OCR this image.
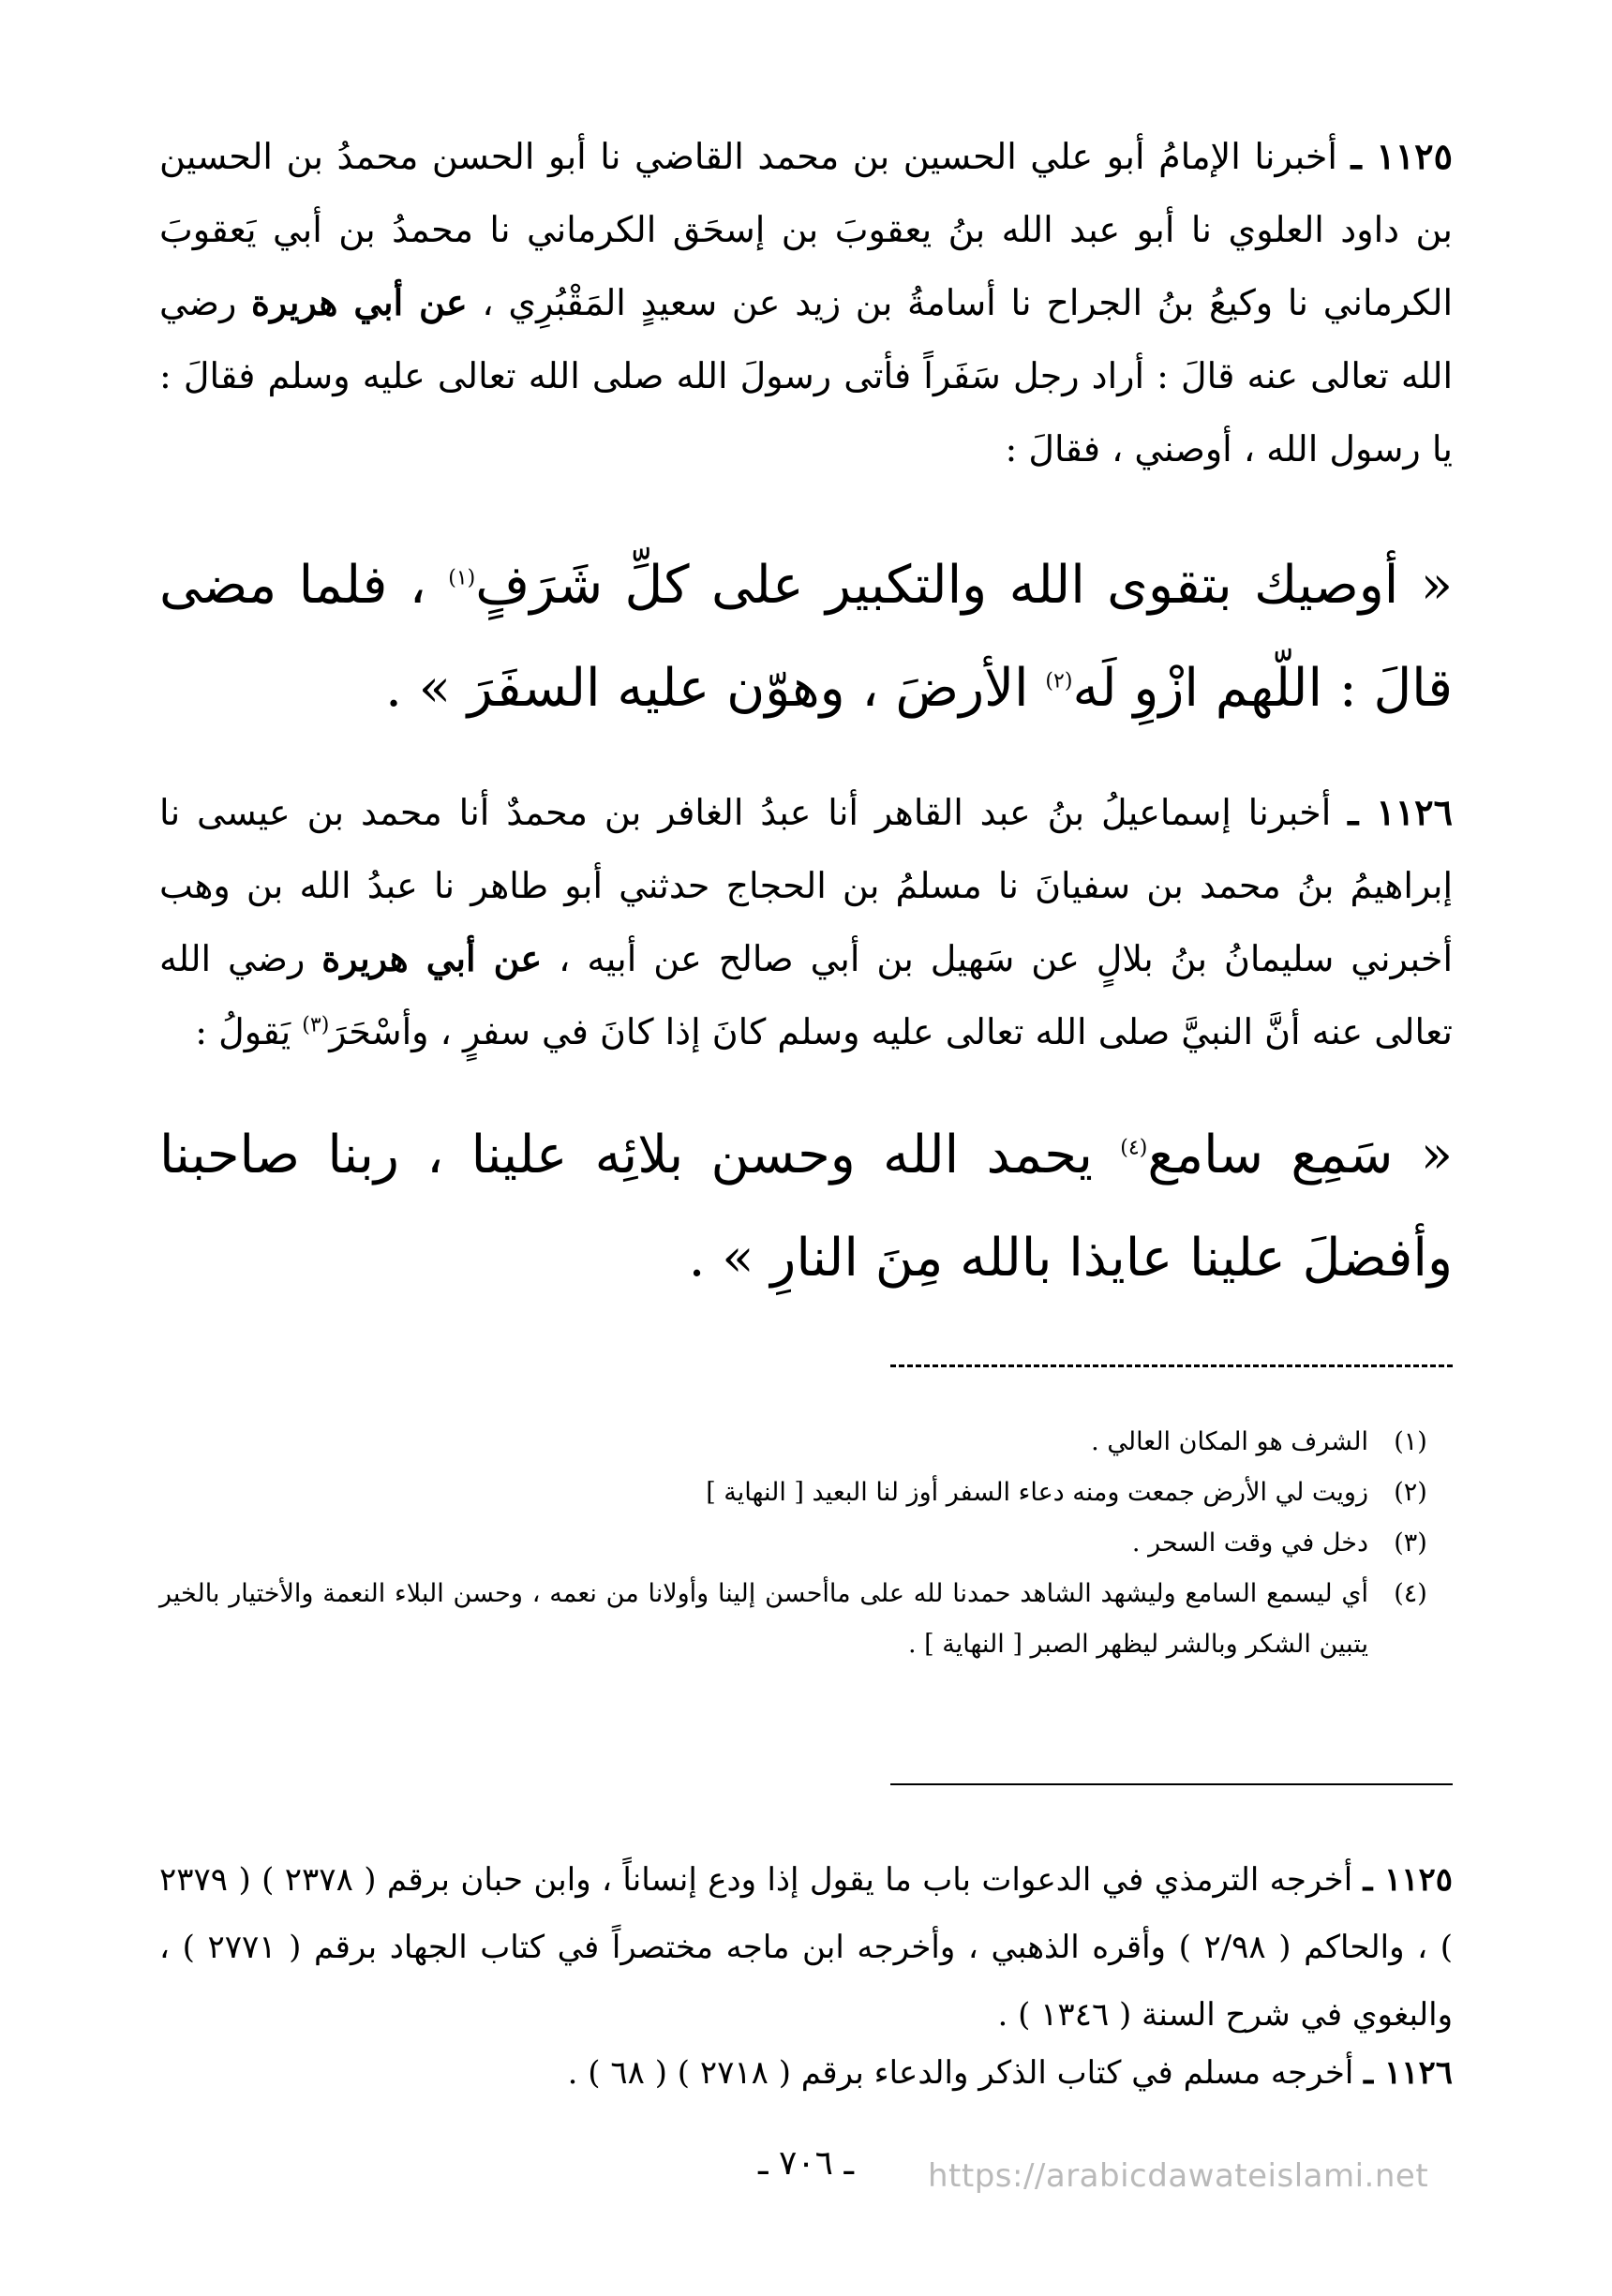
١١٢٥ ـ أخبرنا الإمامُ أبو علي الحسين بن محمد القاضي نا أبو الحسن محمدُ بن الحسين بن داود العلوي نا أبو عبد الله بنُ يعقوبَ بن إسحَق الكرماني نا محمدُ بن أبي يَعقوبَ الكرماني نا وكيعُ بنُ الجراح نا أسامةُ بن زيد عن سعيدٍ المَقْبُرِي ، عن أبي هريرة رضي الله تعالى عنه قالَ : أراد رجل سَفَراً فأتى رسولَ الله صلى الله تعالى عليه وسلم فقالَ : يا رسول الله ، أوصني ، فقالَ :
« أوصيك بتقوى الله والتكبير على كلِّ شَرَفٍ$^{(١)}$ ، فلما مضى قالَ : اللّهم ازْوِ لَه$^{(٢)}$ الأرضَ ، وهوّن عليه السفَرَ » .
١١٢٦ ـ أخبرنا إسماعيلُ بنُ عبد القاهر أنا عبدُ الغافر بن محمدٌ أنا محمد بن عيسى نا إبراهيمُ بنُ محمد بن سفيانَ نا مسلمُ بن الحجاج حدثني أبو طاهر نا عبدُ الله بن وهب أخبرني سليمانُ بنُ بلالٍ عن سَهيل بن أبي صالح عن أبيه ، عن أبي هريرة رضي الله تعالى عنه أنَّ النبيَّ صلى الله تعالى عليه وسلم كانَ إذا كانَ في سفرٍ ، وأسْحَرَ$^{(٣)}$ يَقولُ :
« سَمِع سامع$^{(٤)}$ يحمد الله وحسن بلائِه علينا ، ربنا صاحبنا وأفضلَ علينا عايذا بالله مِنَ النارِ » .
(١)
الشرف هو المكان العالي .
(٢)
زويت لي الأرض جمعت ومنه دعاء السفر أوز لنا البعيد [ النهاية ]
(٣)
دخل في وقت السحر .
(٤)
أي ليسمع السامع وليشهد الشاهد حمدنا لله على ماأحسن إلينا وأولانا من نعمه ، وحسن البلاء النعمة والأختيار بالخير يتبين الشكر وبالشر ليظهر الصبر [ النهاية ] .
١١٢٥ ـ أخرجه الترمذي في الدعوات باب ما يقول إذا ودع إنساناً ، وابن حبان برقم ( ٢٣٧٨ ) ( ٢٣٧٩ ) ، والحاكم ( ٢/٩٨ ) وأقره الذهبي ، وأخرجه ابن ماجه مختصراً في كتاب الجهاد برقم ( ٢٧٧١ ) ، والبغوي في شرح السنة ( ١٣٤٦ ) .
١١٢٦ ـ أخرجه مسلم في كتاب الذكر والدعاء برقم ( ٢٧١٨ ) ( ٦٨ ) .
ـ ٧٠٦ ـ	https://arabicdawateislami.net
